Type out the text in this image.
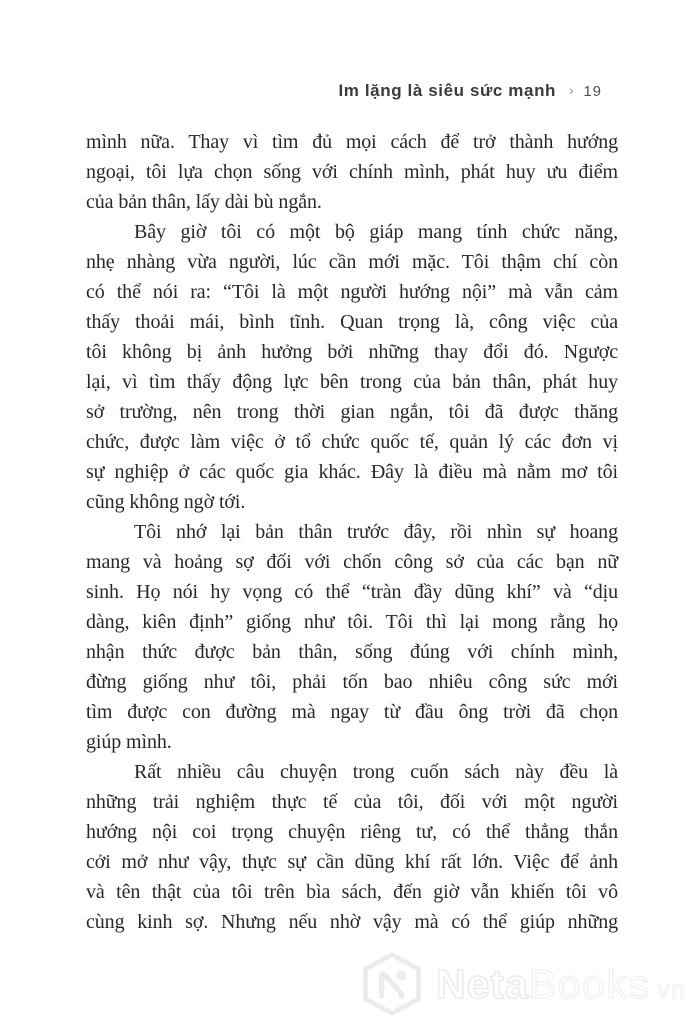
Im lặng là siêu sức mạnh › 19

mình nữa. Thay vì tìm đủ mọi cách để trở thành hướng
ngoại, tôi lựa chọn sống với chính mình, phát huy ưu điểm
của bản thân, lấy dài bù ngắn.

Bây giờ tôi có một bộ giáp mang tính chức năng,
nhẹ nhàng vừa người, lúc cần mới mặc. Tôi thậm chí còn
có thể nói ra: “Tôi là một người hướng nội” mà vẫn cảm
thấy thoải mái, bình tĩnh. Quan trọng là, công việc của
tôi không bị ảnh hưởng bởi những thay đổi đó. Ngược
lại, vì tìm thấy động lực bên trong của bản thân, phát huy
sở trường, nên trong thời gian ngắn, tôi đã được thăng
chức, được làm việc ở tổ chức quốc tế, quản lý các đơn vị
sự nghiệp ở các quốc gia khác. Đây là điều mà nằm mơ tôi
cũng không ngờ tới.

Tôi nhớ lại bản thân trước đây, rồi nhìn sự hoang
mang và hoảng sợ đối với chốn công sở của các bạn nữ
sinh. Họ nói hy vọng có thể “tràn đầy dũng khí” và “dịu
dàng, kiên định” giống như tôi. Tôi thì lại mong rằng họ
nhận thức được bản thân, sống đúng với chính mình,
đừng giống như tôi, phải tốn bao nhiêu công sức mới
tìm được con đường mà ngay từ đầu ông trời đã chọn
giúp mình.

Rất nhiều câu chuyện trong cuốn sách này đều là
những trải nghiệm thực tế của tôi, đối với một người
hướng nội coi trọng chuyện riêng tư, có thể thẳng thắn
cởi mở như vậy, thực sự cần dũng khí rất lớn. Việc để ảnh
và tên thật của tôi trên bìa sách, đến giờ vẫn khiến tôi vô
cùng kinh sợ. Nhưng nếu nhờ vậy mà có thể giúp những

NetaBooks vn
